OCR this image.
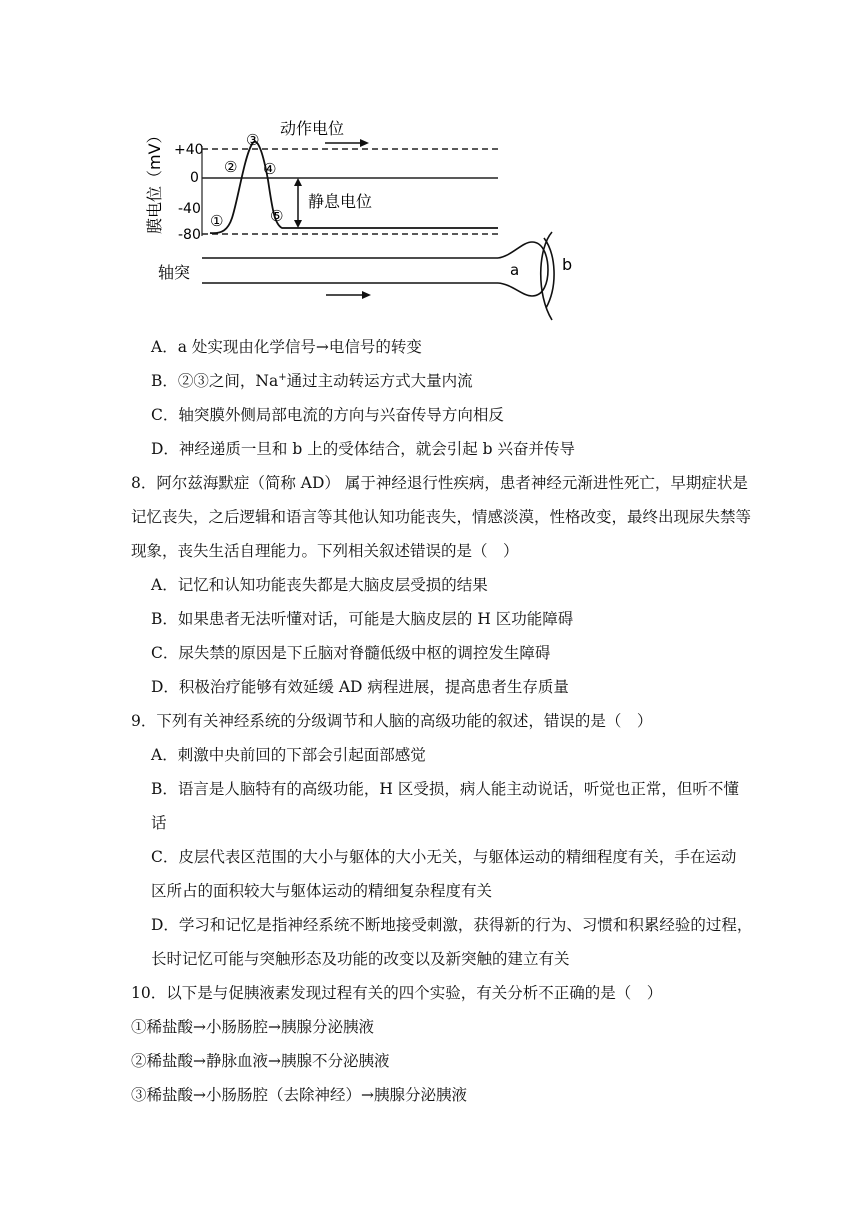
+40
0
-40
-80
膜电位（mV）	①
②
③
④
⑤
动作电位
静息电位
轴突	a	b
A．a 处实现由化学信号→电信号的转变
B．②③之间，Na+通过主动转运方式大量内流
C．轴突膜外侧局部电流的方向与兴奋传导方向相反
D．神经递质一旦和 b 上的受体结合，就会引起 b 兴奋并传导
8．阿尔兹海默症（简称 AD） 属于神经退行性疾病，患者神经元渐进性死亡，早期症状是
记忆丧失，之后逻辑和语言等其他认知功能丧失，情感淡漠，性格改变，最终出现尿失禁等
现象，丧失生活自理能力。下列相关叙述错误的是（　）
A．记忆和认知功能丧失都是大脑皮层受损的结果
B．如果患者无法听懂对话，可能是大脑皮层的 H 区功能障碍
C．尿失禁的原因是下丘脑对脊髓低级中枢的调控发生障碍
D．积极治疗能够有效延缓 AD 病程进展，提高患者生存质量
9．下列有关神经系统的分级调节和人脑的高级功能的叙述，错误的是（　）
A．刺激中央前回的下部会引起面部感觉
B．语言是人脑特有的高级功能，H 区受损，病人能主动说话，听觉也正常，但听不懂
话
C．皮层代表区范围的大小与躯体的大小无关，与躯体运动的精细程度有关，手在运动
区所占的面积较大与躯体运动的精细复杂程度有关
D．学习和记忆是指神经系统不断地接受刺激，获得新的行为、习惯和积累经验的过程，
长时记忆可能与突触形态及功能的改变以及新突触的建立有关
10．以下是与促胰液素发现过程有关的四个实验，有关分析不正确的是（　）
①稀盐酸→小肠肠腔→胰腺分泌胰液
②稀盐酸→静脉血液→胰腺不分泌胰液
③稀盐酸→小肠肠腔（去除神经）→胰腺分泌胰液
